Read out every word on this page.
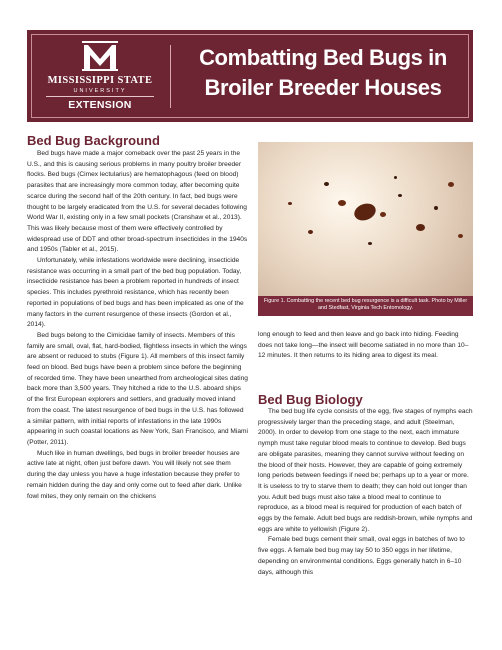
MISSISSIPPI STATE
UNIVERSITY
EXTENSION
Combatting Bed Bugs in
Broiler Breeder Houses
Bed Bug Background

Bed bugs have made a major comeback over the past 25 years in the U.S., and this is causing serious problems in many poultry broiler breeder flocks. Bed bugs (Cimex lectularius) are hematophagous (feed on blood) parasites that are increasingly more common today, after becoming quite scarce during the second half of the 20th century. In fact, bed bugs were thought to be largely eradicated from the U.S. for several decades following World War II, existing only in a few small pockets (Cranshaw et al., 2013). This was likely because most of them were effectively controlled by widespread use of DDT and other broad-spectrum insecticides in the 1940s and 1950s (Tabler et al., 2015).

Unfortunately, while infestations worldwide were declining, insecticide resistance was occurring in a small part of the bed bug population. Today, insecticide resistance has been a problem reported in hundreds of insect species. This includes pyrethroid resistance, which has recently been reported in populations of bed bugs and has been implicated as one of the many factors in the current resurgence of these insects (Gordon et al., 2014).

Bed bugs belong to the Cimicidae family of insects. Members of this family are small, oval, flat, hard-bodied, flightless insects in which the wings are absent or reduced to stubs (Figure 1). All members of this insect family feed on blood. Bed bugs have been a problem since before the beginning of recorded time. They have been unearthed from archeological sites dating back more than 3,500 years. They hitched a ride to the U.S. aboard ships of the first European explorers and settlers, and gradually moved inland from the coast. The latest resurgence of bed bugs in the U.S. has followed a similar pattern, with initial reports of infestations in the late 1990s appearing in such coastal locations as New York, San Francisco, and Miami (Potter, 2011).

Much like in human dwellings, bed bugs in broiler breeder houses are active late at night, often just before dawn. You will likely not see them during the day unless you have a huge infestation because they prefer to remain hidden during the day and only come out to feed after dark. Unlike fowl mites, they only remain on the chickens

Figure 1. Combatting the recent bed bug resurgence is a difficult task. Photo by Miller and Stedfast, Virginia Tech Entomology.

long enough to feed and then leave and go back into hiding. Feeding does not take long—the insect will become satiated in no more than 10–12 minutes. It then returns to its hiding area to digest its meal.

Bed Bug Biology

The bed bug life cycle consists of the egg, five stages of nymphs each progressively larger than the preceding stage, and adult (Steelman, 2000). In order to develop from one stage to the next, each immature nymph must take regular blood meals to continue to develop. Bed bugs are obligate parasites, meaning they cannot survive without feeding on the blood of their hosts. However, they are capable of going extremely long periods between feedings if need be; perhaps up to a year or more. It is useless to try to starve them to death; they can hold out longer than you. Adult bed bugs must also take a blood meal to continue to reproduce, as a blood meal is required for production of each batch of eggs by the female. Adult bed bugs are reddish-brown, while nymphs and eggs are white to yellowish (Figure 2).

Female bed bugs cement their small, oval eggs in batches of two to five eggs. A female bed bug may lay 50 to 350 eggs in her lifetime, depending on environmental conditions. Eggs generally hatch in 6–10 days, although this
